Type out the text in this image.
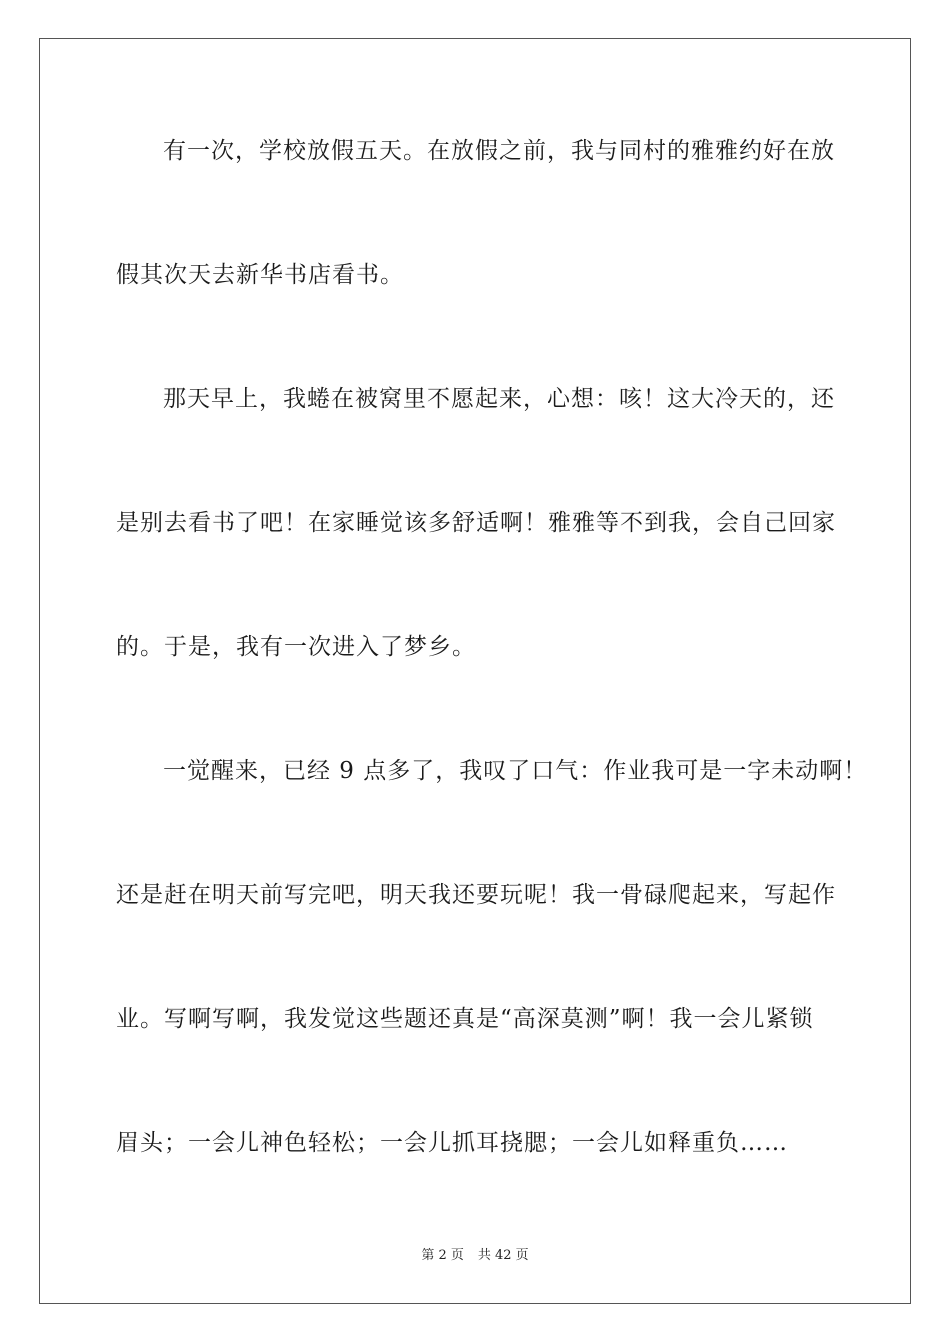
有一次，学校放假五天。在放假之前，我与同村的雅雅约好在放
假其次天去新华书店看书。
那天早上，我蜷在被窝里不愿起来，心想：咳！这大冷天的，还
是别去看书了吧！在家睡觉该多舒适啊！雅雅等不到我，会自己回家
的。于是，我有一次进入了梦乡。
一觉醒来，已经 9 点多了，我叹了口气：作业我可是一字未动啊！
还是赶在明天前写完吧，明天我还要玩呢！我一骨碌爬起来，写起作
业。写啊写啊，我发觉这些题还真是“高深莫测”啊！我一会儿紧锁
眉头；一会儿神色轻松；一会儿抓耳挠腮；一会儿如释重负……
第 2 页 共 42 页
